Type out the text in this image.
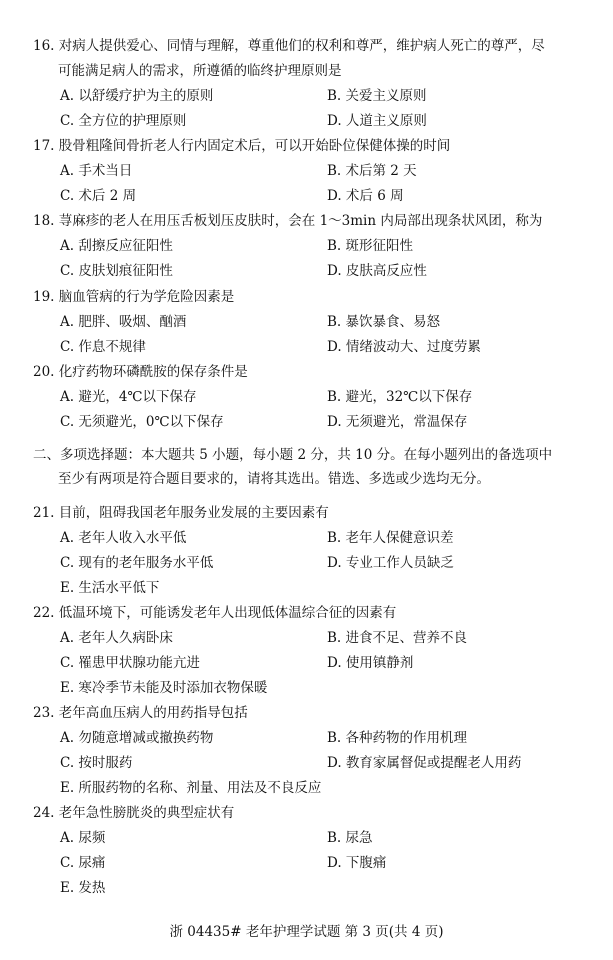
16. 对病人提供爱心、同情与理解，尊重他们的权利和尊严，维护病人死亡的尊严，尽
可能满足病人的需求，所遵循的临终护理原则是
A. 以舒缓疗护为主的原则	B. 关爱主义原则
C. 全方位的护理原则	D. 人道主义原则
17. 股骨粗隆间骨折老人行内固定术后，可以开始卧位保健体操的时间
A. 手术当日	B. 术后第 2 天
C. 术后 2 周	D. 术后 6 周
18. 荨麻疹的老人在用压舌板划压皮肤时，会在 1～3min 内局部出现条状风团，称为
A. 刮擦反应征阳性	B. 斑形征阳性
C. 皮肤划痕征阳性	D. 皮肤高反应性
19. 脑血管病的行为学危险因素是
A. 肥胖、吸烟、酗酒	B. 暴饮暴食、易怒
C. 作息不规律	D. 情绪波动大、过度劳累
20. 化疗药物环磷酰胺的保存条件是
A. 避光，4℃以下保存	B. 避光，32℃以下保存
C. 无须避光，0℃以下保存	D. 无须避光，常温保存
二、多项选择题：本大题共 5 小题，每小题 2 分，共 10 分。在每小题列出的备选项中
至少有两项是符合题目要求的，请将其选出。错选、多选或少选均无分。
21. 目前，阻碍我国老年服务业发展的主要因素有
A. 老年人收入水平低	B. 老年人保健意识差
C. 现有的老年服务水平低	D. 专业工作人员缺乏
E. 生活水平低下
22. 低温环境下，可能诱发老年人出现低体温综合征的因素有
A. 老年人久病卧床	B. 进食不足、营养不良
C. 罹患甲状腺功能亢进	D. 使用镇静剂
E. 寒冷季节未能及时添加衣物保暖
23. 老年高血压病人的用药指导包括
A. 勿随意增减或撤换药物	B. 各种药物的作用机理
C. 按时服药	D. 教育家属督促或提醒老人用药
E. 所服药物的名称、剂量、用法及不良反应
24. 老年急性膀胱炎的典型症状有
A. 尿频	B. 尿急
C. 尿痛	D. 下腹痛
E. 发热
浙 04435# 老年护理学试题 第 3 页(共 4 页)
